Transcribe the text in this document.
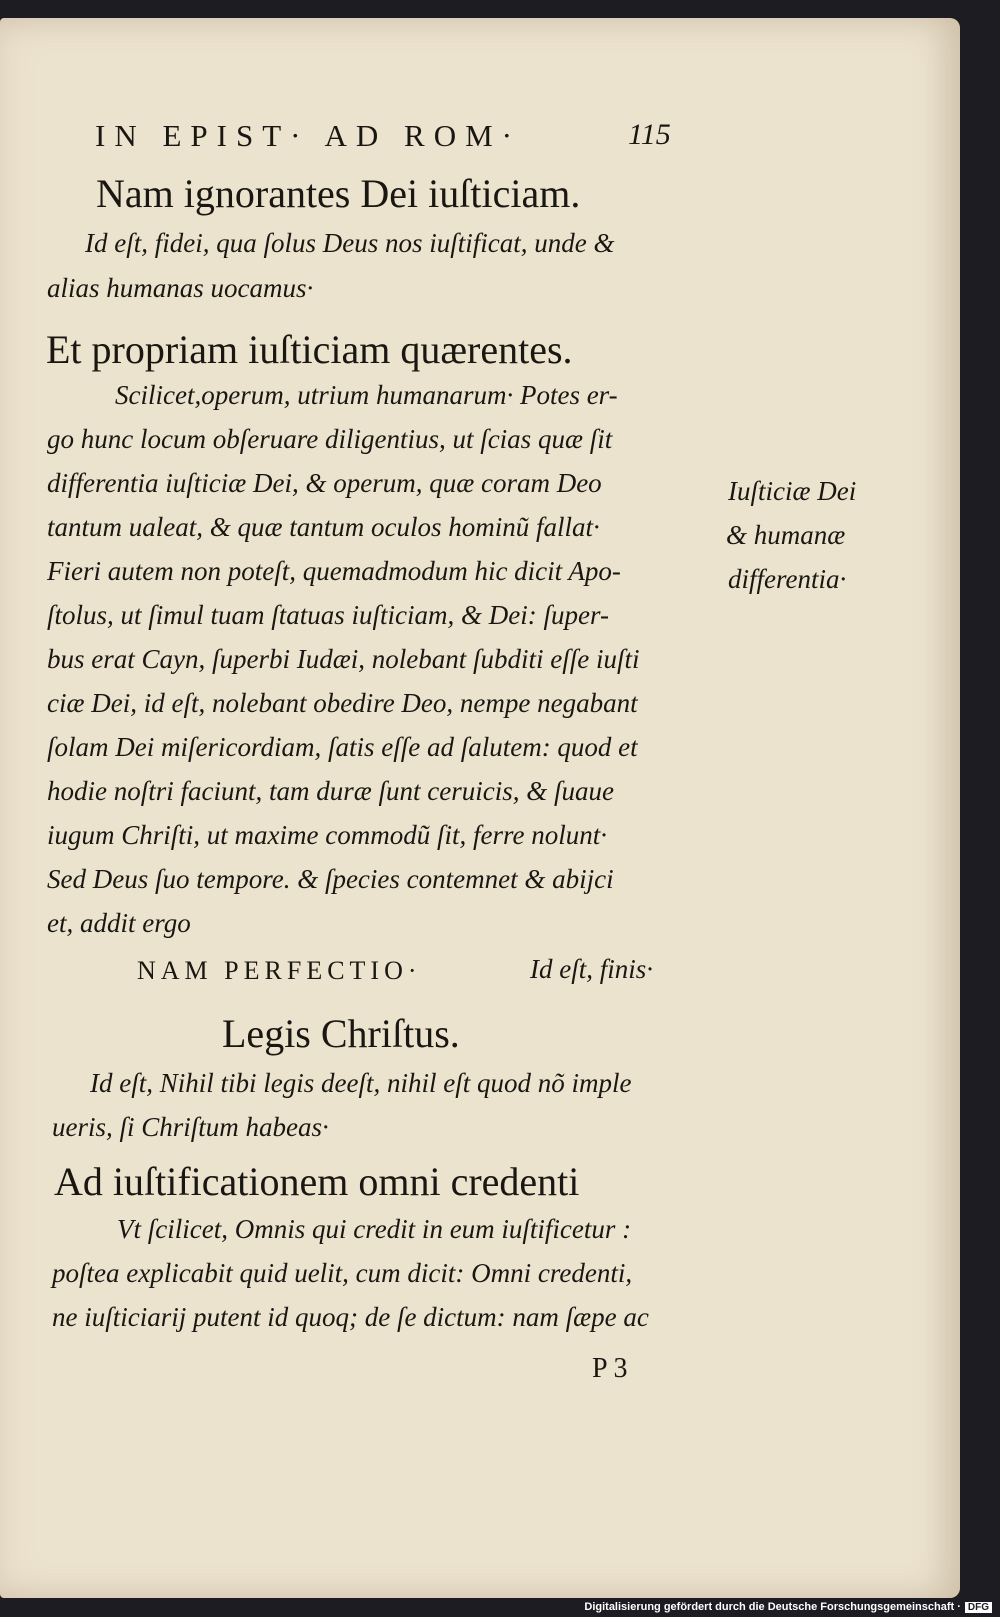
IN EPIST· AD ROM·	115
Nam ignorantes Dei iuſticiam.
Id eſt, fidei, qua ſolus Deus nos iuſtificat, unde &
alias humanas uocamus·
Et propriam iuſticiam quærentes.
Scilicet,operum, utrium humanarum· Potes er-
go hunc locum obſeruare diligentius, ut ſcias quæ ſit
differentia iuſticiæ Dei, & operum, quæ coram Deo
tantum ualeat, & quæ tantum oculos hominũ fallat·
Fieri autem non poteſt, quemadmodum hic dicit Apo-
ſtolus, ut ſimul tuam ſtatuas iuſticiam, & Dei: ſuper-
bus erat Cayn, ſuperbi Iudæi, nolebant ſubditi eſſe iuſti
ciæ Dei, id eſt, nolebant obedire Deo, nempe negabant
ſolam Dei miſericordiam, ſatis eſſe ad ſalutem: quod et
hodie noſtri faciunt, tam duræ ſunt ceruicis, & ſuaue
iugum Chriſti, ut maxime commodũ ſit, ferre nolunt·
Sed Deus ſuo tempore. & ſpecies contemnet & abijci
et, addit ergo
NAM PERFECTIO·	Id eſt, finis·
Legis Chriſtus.
Id eſt, Nihil tibi legis deeſt, nihil eſt quod nõ imple
ueris, ſi Chriſtum habeas·
Ad iuſtificationem omni credenti
Vt ſcilicet, Omnis qui credit in eum iuſtificetur :
poſtea explicabit quid uelit, cum dicit: Omni credenti,
ne iuſticiarij putent id quoq; de ſe dictum: nam ſæpe ac
Iuſticiæ Dei
& humanæ
differentia·
P 3
Digitalisierung gefördert durch die Deutsche Forschungsgemeinschaft · DFG
